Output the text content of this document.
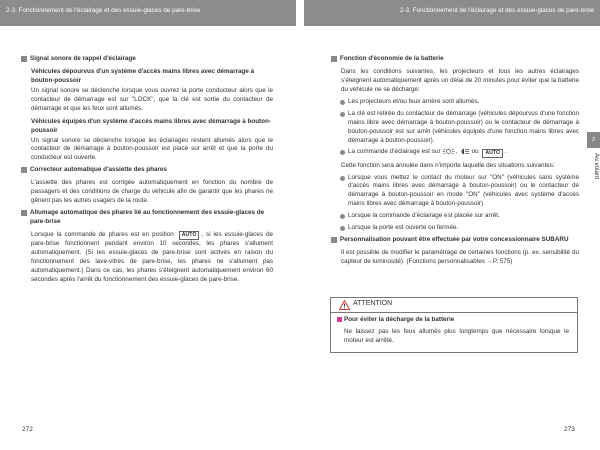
2-3. Fonctionnement de l'éclairage et des essuie-glaces de pare-brise	2-3. Fonctionnement de l'éclairage et des essuie-glaces de pare-brise
Signal sonore de rappel d'éclairage
Véhicules dépourvus d'un système d'accès mains libres avec démarrage à bouton-poussoir
Un signal sonore se déclenche lorsque vous ouvrez la porte conducteur alors que le contacteur de démarrage est sur "LOCK", que la clé est sortie du contacteur de démarrage et que les feux sont allumés.
Véhicules équipés d'un système d'accès mains libres avec démarrage à bouton-poussoir
Un signal sonore se déclenche lorsque les éclairages restent allumés alors que le contacteur de démarrage à bouton-poussoir est placé sur arrêt et que la porte du conducteur est ouverte.
Correcteur automatique d'assiette des phares
L'assiette des phares est corrigée automatiquement en fonction du nombre de passagers et des conditions de charge du véhicule afin de garantir que les phares ne gênent pas les autres usagers de la route.
Allumage automatique des phares lié au fonctionnement des essuie-glaces de pare-brise
Lorsque la commande de phares est en position AUTO , si les essuie-glaces de pare-brise fonctionnent pendant environ 10 secondes, les phares s'allument automatiquement. (Si les essuie-glaces de pare-brise sont activés en raison du fonctionnement des lave-vitres de pare-brise, les phares ne s'allument pas automatiquement.) Dans ce cas, les phares s'éteignent automatiquement environ 60 secondes après l'arrêt du fonctionnement des essuie-glaces de pare-brise.
Fonction d'économie de la batterie
Dans les conditions suivantes, les projecteurs et tous les autres éclairages s'éteignent automatiquement après un délai de 20 minutes pour éviter que la batterie du véhicule ne se décharge:
Les projecteurs et/ou feux arrière sont allumés.
La clé est retirée du contacteur de démarrage (véhicules dépourvus d'une fonction mains libre avec démarrage à bouton-poussoir) ou le contacteur de démarrage à bouton-poussoir est sur arrêt (véhicules équipés d'une fonction mains libres avec démarrage à bouton-poussoir).
La commande d'éclairage est sur , ou AUTO .
Cette fonction sera annulée dans n'importe laquelle des situations suivantes:
Lorsque vous mettez le contact du moteur sur "ON" (véhicules sans système d'accès mains libres avec démarrage à bouton-poussoir) ou le contacteur de démarrage à bouton-poussoir en mode "ON" (véhicules avec système d'accès mains libres avec démarrage à bouton-poussoir)
Lorsque la commande d'éclairage est placée sur arrêt.
Lorsque la porte est ouverte ou fermée.
Personnalisation pouvant être effectuée par votre concessionnaire SUBARU
Il est possible de modifier le paramétrage de certaines fonctions (p. ex. sensibilité du capteur de luminosité). (Fonctions personnalisables →P. 575)
ATTENTION
Pour éviter la décharge de la batterie
Ne laissez pas les feux allumés plus longtemps que nécessaire lorsque le moteur est arrêté.
2
Au volant
272	273
